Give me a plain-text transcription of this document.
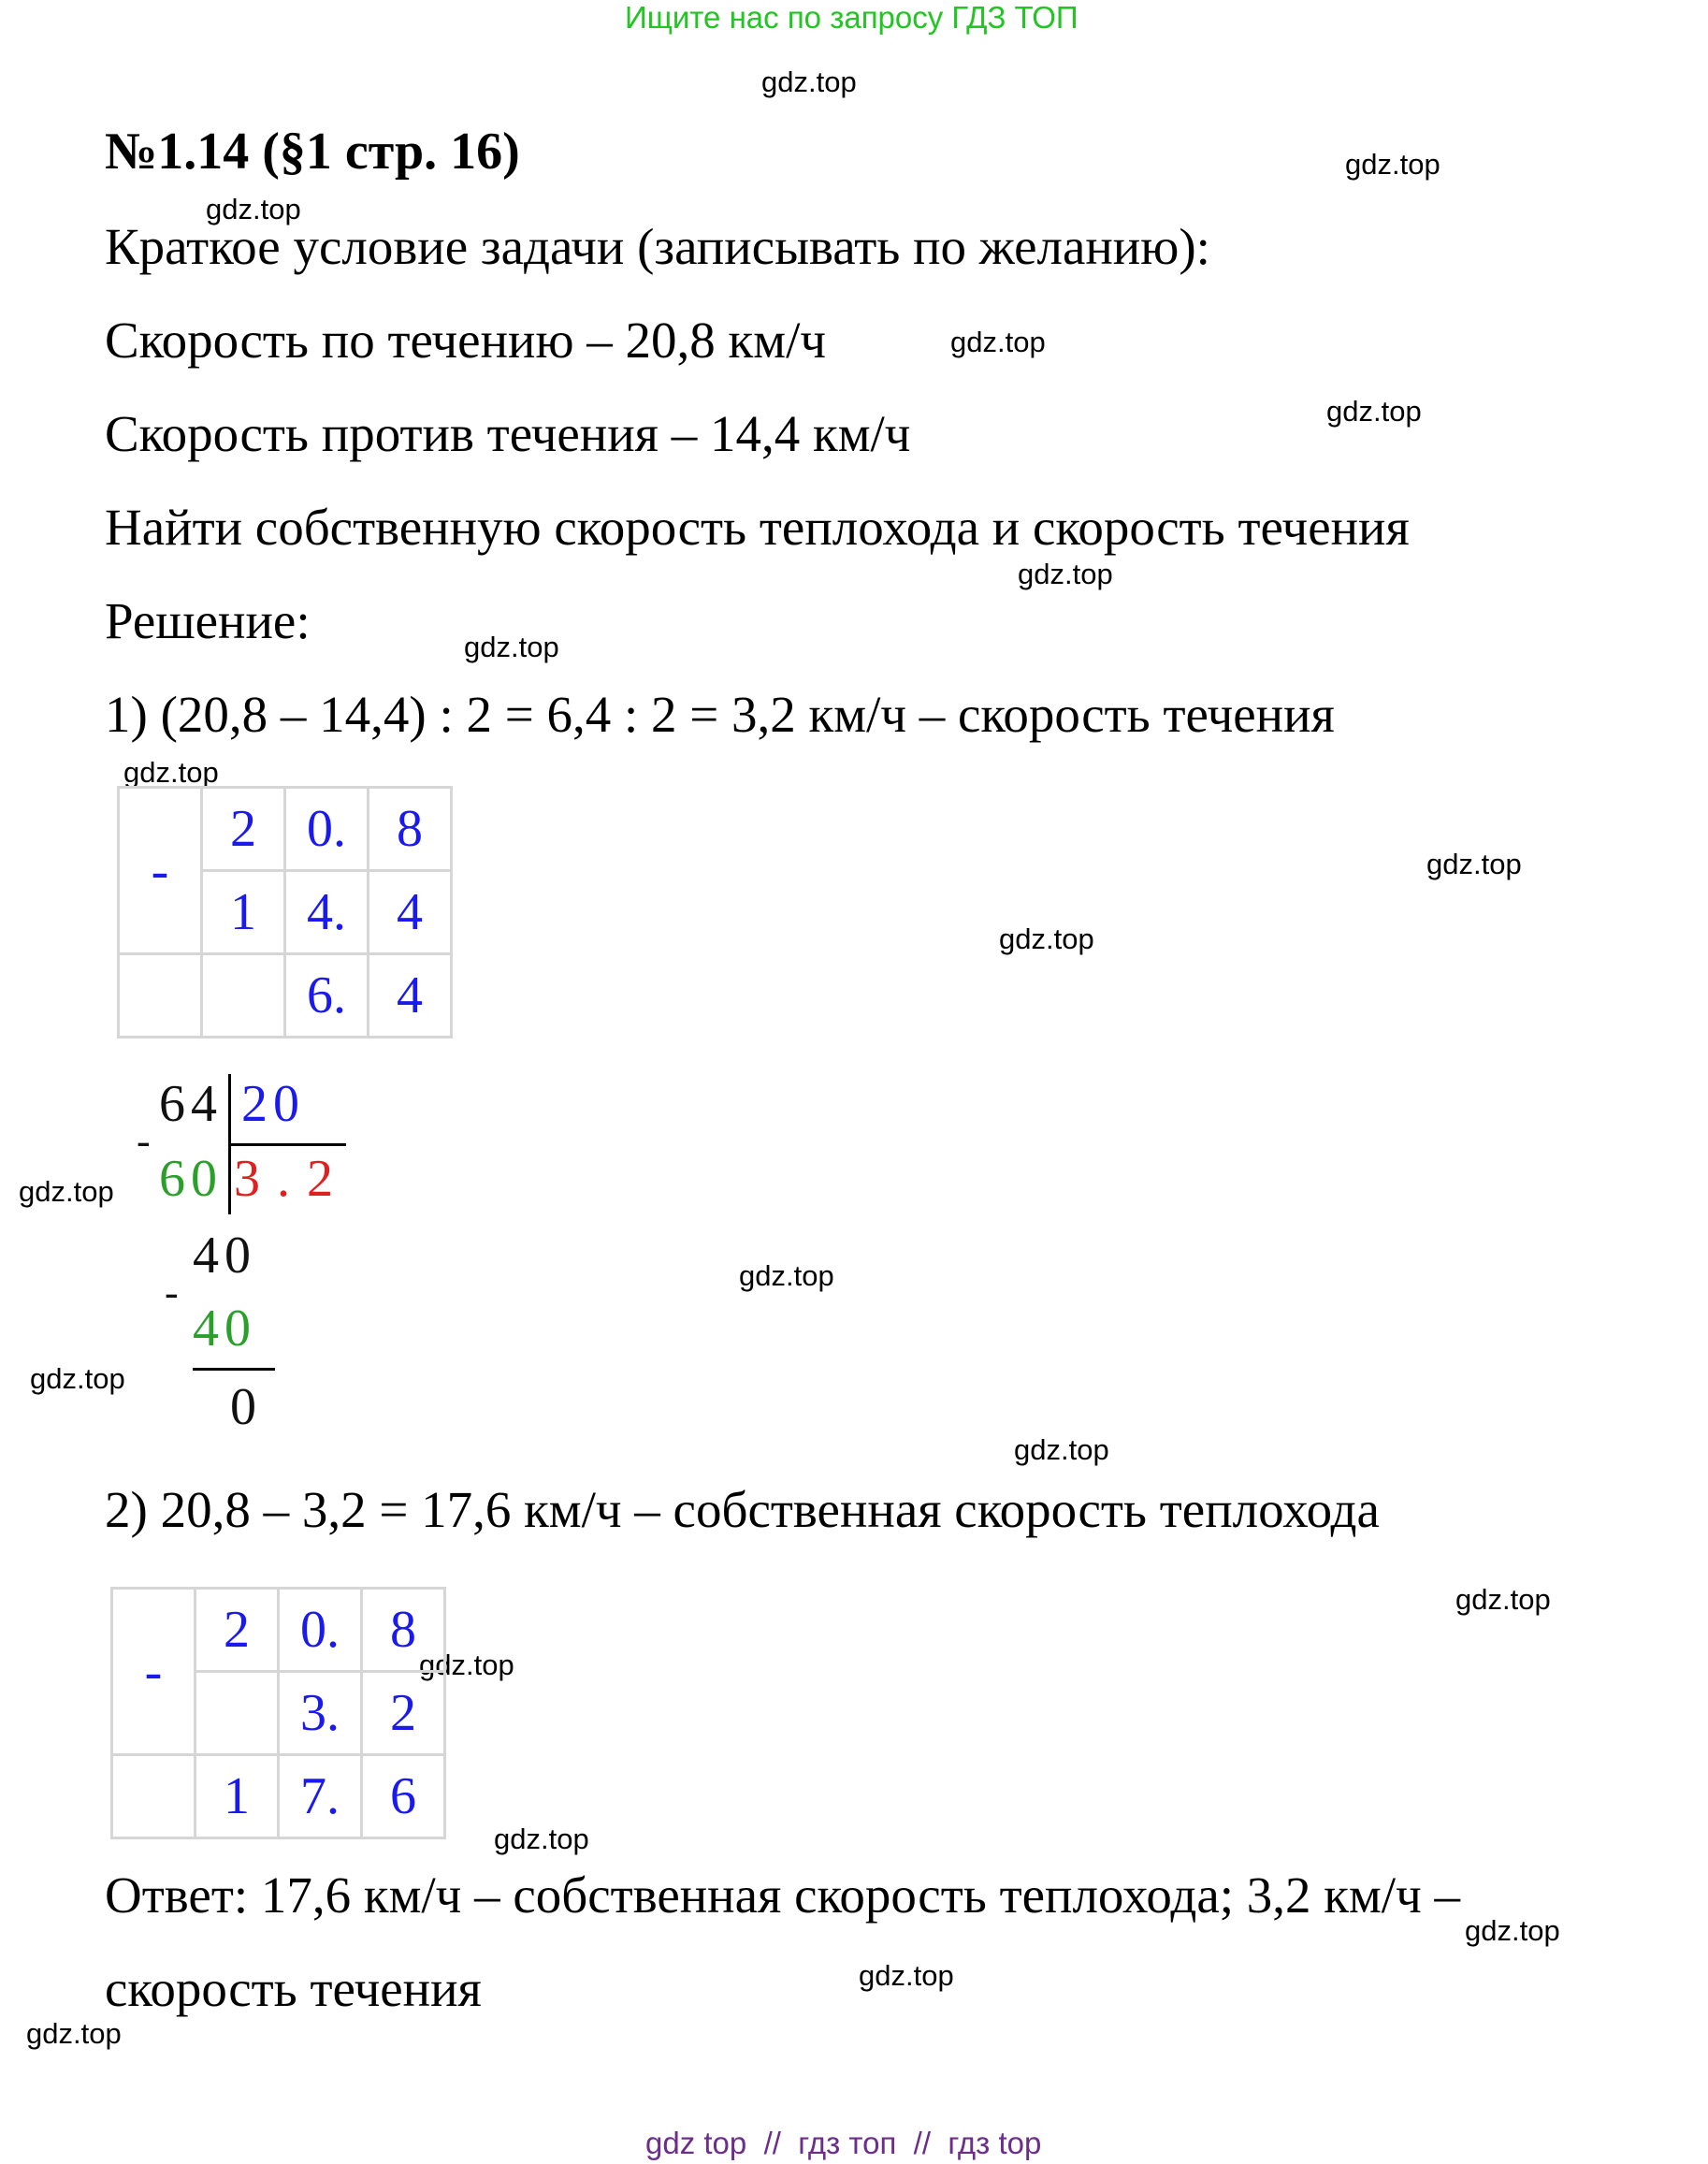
Ищите нас по запросу ГДЗ ТОП
gdz.top
gdz.top
gdz.top
gdz.top
gdz.top
gdz.top
gdz.top
gdz.top
gdz.top
gdz.top
gdz.top
gdz.top
gdz.top
gdz.top
gdz.top
gdz.top
gdz.top
gdz.top
gdz.top
gdz.top
№1.14 (§1 стр. 16)
Краткое условие задачи (записывать по желанию):
Скорость по течению – 20,8 км/ч
Скорость против течения – 14,4 км/ч
Найти собственную скорость теплохода и скорость течения
Решение:
1) (20,8 – 14,4) : 2 = 6,4 : 2 = 3,2 км/ч – скорость течения
-	2	0.	8
	1	4.	4
		6.	4
64 20
-
60 3 . 2
40
-
40
0
2) 20,8 – 3,2 = 17,6 км/ч – собственная скорость теплохода
-	2	0.	8
		3.	2
	1	7.	6
Ответ: 17,6 км/ч – собственная скорость теплохода; 3,2 км/ч –
скорость течения
gdz top  //  гдз топ  //  гдз top
